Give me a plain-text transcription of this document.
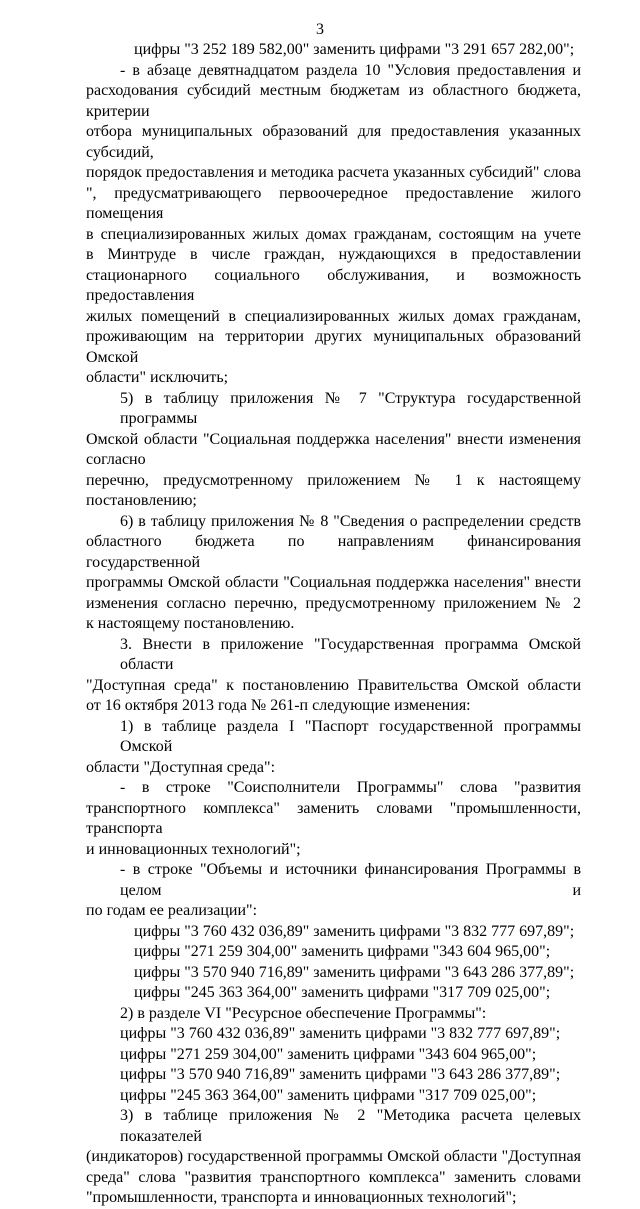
3
цифры "3 252 189 582,00" заменить цифрами "3 291 657 282,00";
- в абзаце девятнадцатом раздела 10 "Условия предоставления и
расходования субсидий местным бюджетам из областного бюджета, критерии
отбора муниципальных образований для предоставления указанных субсидий,
порядок предоставления и методика расчета указанных субсидий" слова
", предусматривающего первоочередное предоставление жилого помещения
в специализированных жилых домах гражданам, состоящим на учете
в Минтруде в числе граждан, нуждающихся в предоставлении
стационарного социального обслуживания, и возможность предоставления
жилых помещений в специализированных жилых домах гражданам,
проживающим на территории других муниципальных образований Омской
области" исключить;
5) в таблицу приложения № 7 "Структура государственной программы
Омской области "Социальная поддержка населения" внести изменения согласно
перечню, предусмотренному приложением № 1 к настоящему
постановлению;
6) в таблицу приложения № 8 "Сведения о распределении средств
областного бюджета по направлениям финансирования государственной
программы Омской области "Социальная поддержка населения" внести
изменения согласно перечню, предусмотренному приложением № 2
к настоящему постановлению.
3. Внести в приложение "Государственная программа Омской области
"Доступная среда" к постановлению Правительства Омской области
от 16 октября 2013 года № 261-п следующие изменения:
1) в таблице раздела I "Паспорт государственной программы Омской
области "Доступная среда":
- в строке "Соисполнители Программы" слова "развития
транспортного комплекса" заменить словами "промышленности, транспорта
и инновационных технологий";
- в строке "Объемы и источники финансирования Программы в целом и
по годам ее реализации":
цифры "3 760 432 036,89" заменить цифрами "3 832 777 697,89";
цифры "271 259 304,00" заменить цифрами "343 604 965,00";
цифры "3 570 940 716,89" заменить цифрами "3 643 286 377,89";
цифры "245 363 364,00" заменить цифрами "317 709 025,00";
2) в разделе VI "Ресурсное обеспечение Программы":
цифры "3 760 432 036,89" заменить цифрами "3 832 777 697,89";
цифры "271 259 304,00" заменить цифрами "343 604 965,00";
цифры "3 570 940 716,89" заменить цифрами "3 643 286 377,89";
цифры "245 363 364,00" заменить цифрами "317 709 025,00";
3) в таблице приложения № 2 "Методика расчета целевых показателей
(индикаторов) государственной программы Омской области "Доступная
среда" слова "развития транспортного комплекса" заменить словами
"промышленности, транспорта и инновационных технологий";
